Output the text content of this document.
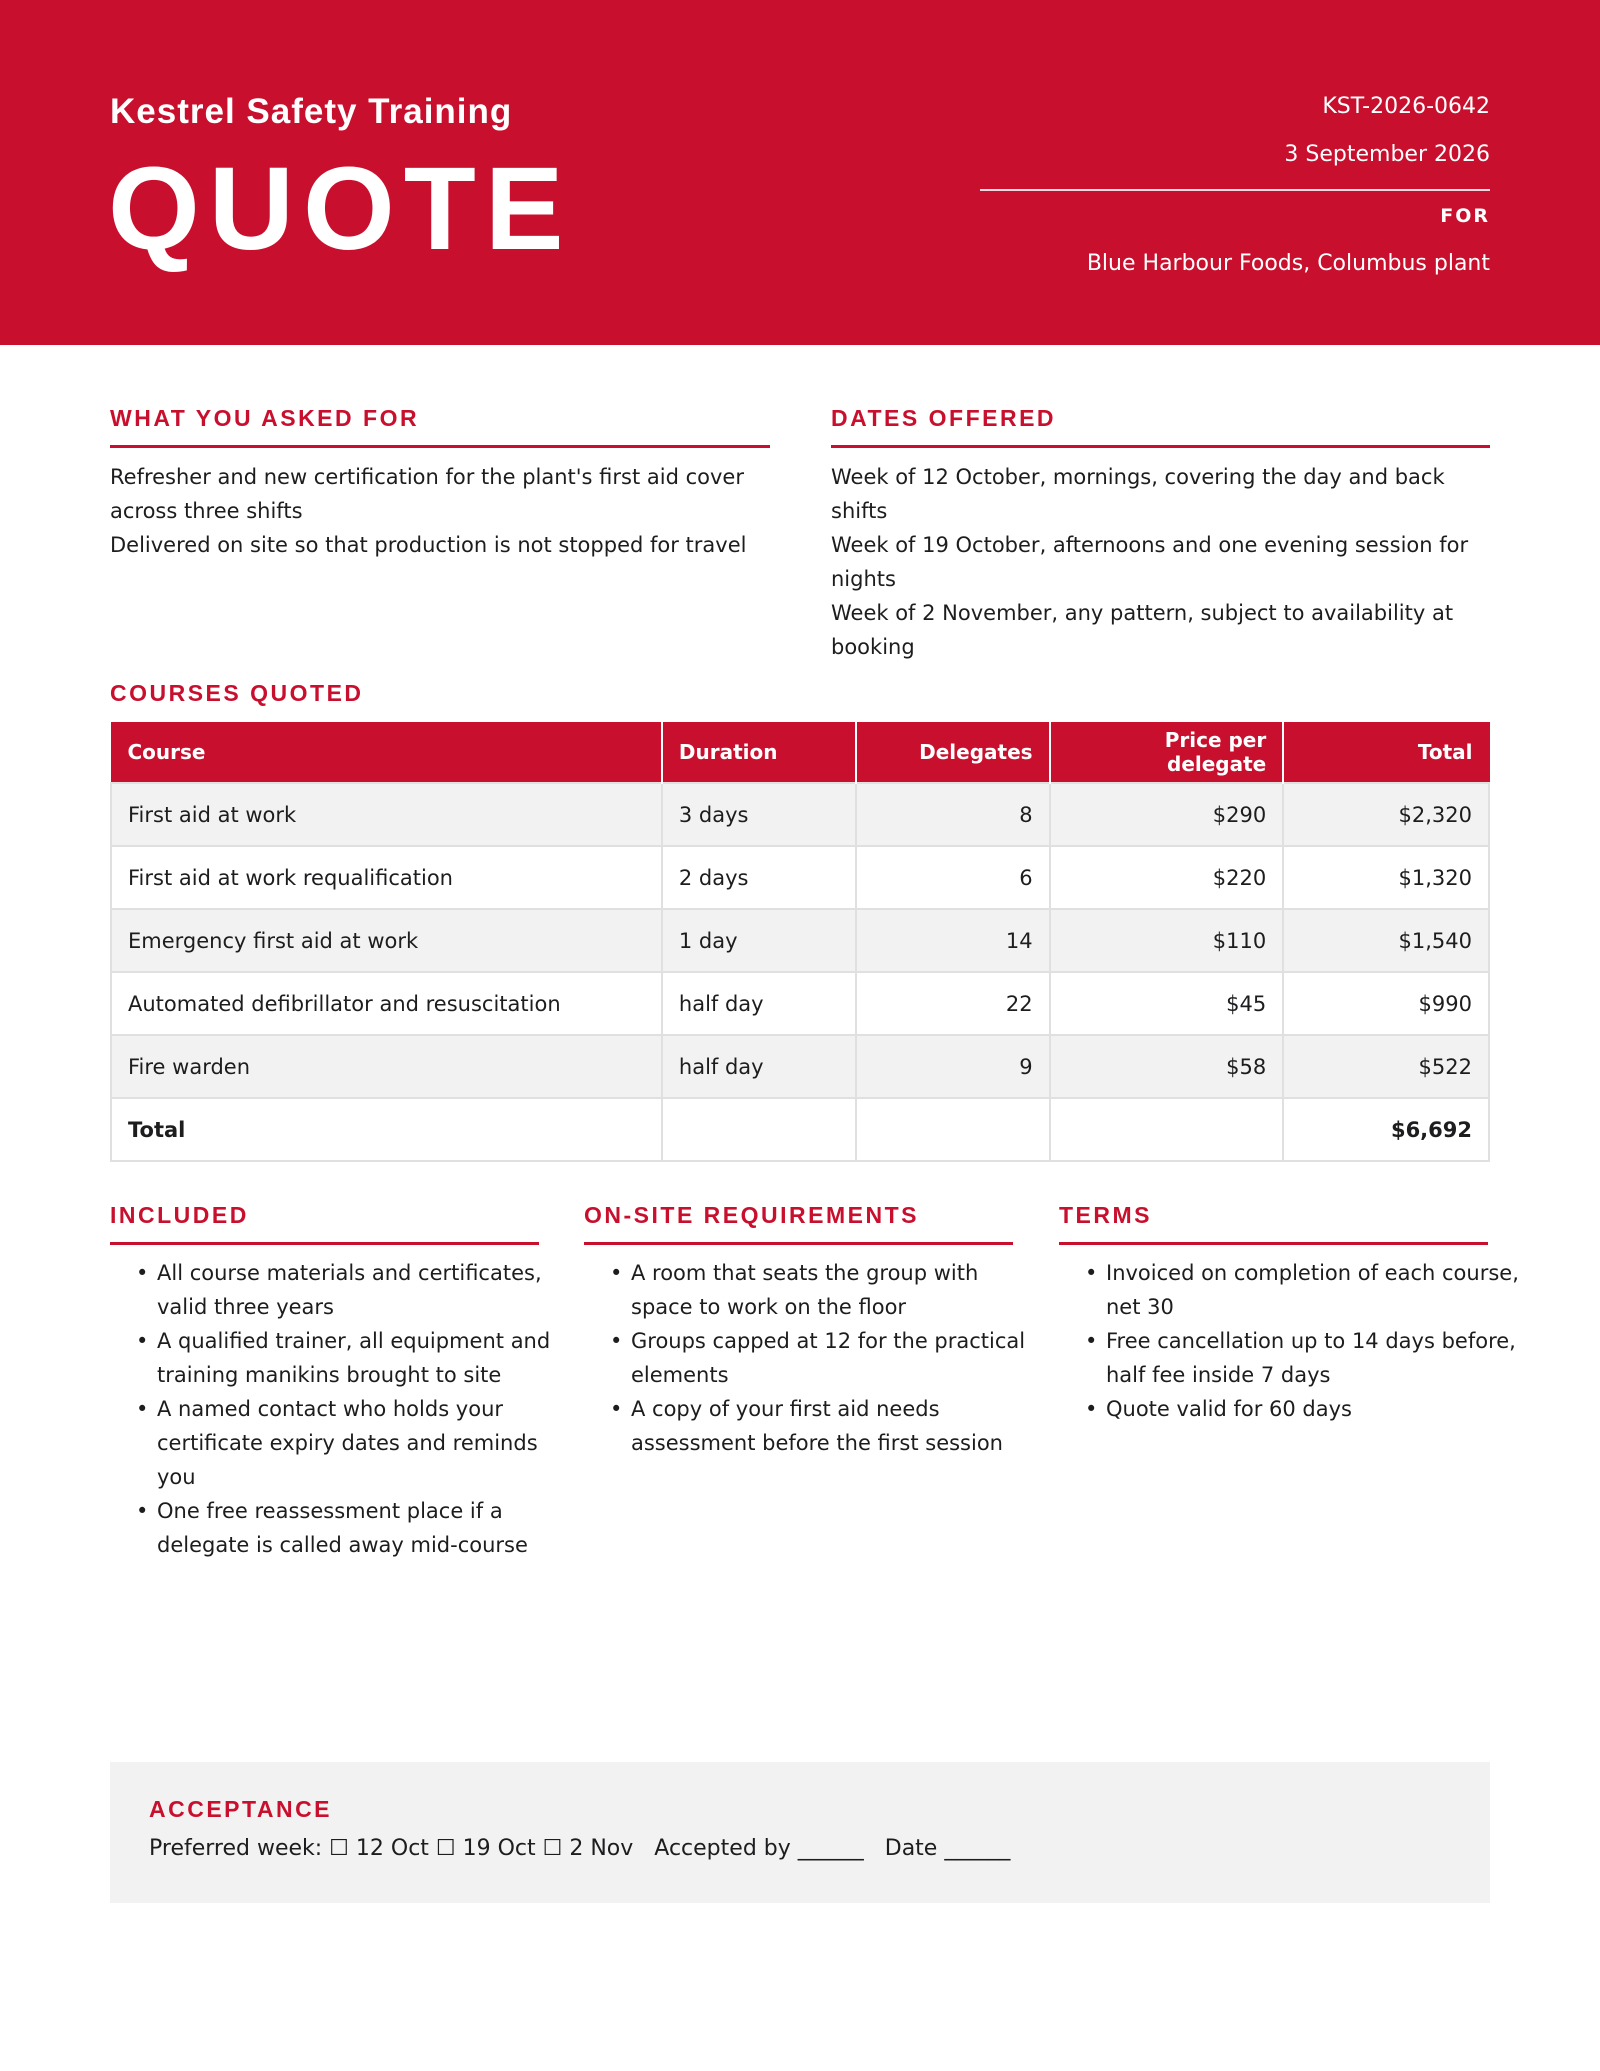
Kestrel Safety Training
QUOTE
KST-2026-0642
3 September 2026
FOR
Blue Harbour Foods, Columbus plant
WHAT YOU ASKED FOR
Refresher and new certification for the plant's first aid cover across three shifts
Delivered on site so that production is not stopped for travel
DATES OFFERED
Week of 12 October, mornings, covering the day and back shifts
Week of 19 October, afternoons and one evening session for nights
Week of 2 November, any pattern, subject to availability at booking
COURSES QUOTED
Course	Duration	Delegates	Price per delegate	Total
First aid at work	3 days	8	$290	$2,320
First aid at work requalification	2 days	6	$220	$1,320
Emergency first aid at work	1 day	14	$110	$1,540
Automated defibrillator and resuscitation	half day	22	$45	$990
Fire warden	half day	9	$58	$522
Total				$6,692
INCLUDED
• All course materials and certificates, valid three years
• A qualified trainer, all equipment and training manikins brought to site
• A named contact who holds your certificate expiry dates and reminds you
• One free reassessment place if a delegate is called away mid-course
ON-SITE REQUIREMENTS
• A room that seats the group with space to work on the floor
• Groups capped at 12 for the practical elements
• A copy of your first aid needs assessment before the first session
TERMS
• Invoiced on completion of each course, net 30
• Free cancellation up to 14 days before, half fee inside 7 days
• Quote valid for 60 days
ACCEPTANCE
Preferred week: ☐ 12 Oct ☐ 19 Oct ☐ 2 Nov Accepted by ______ Date ______
